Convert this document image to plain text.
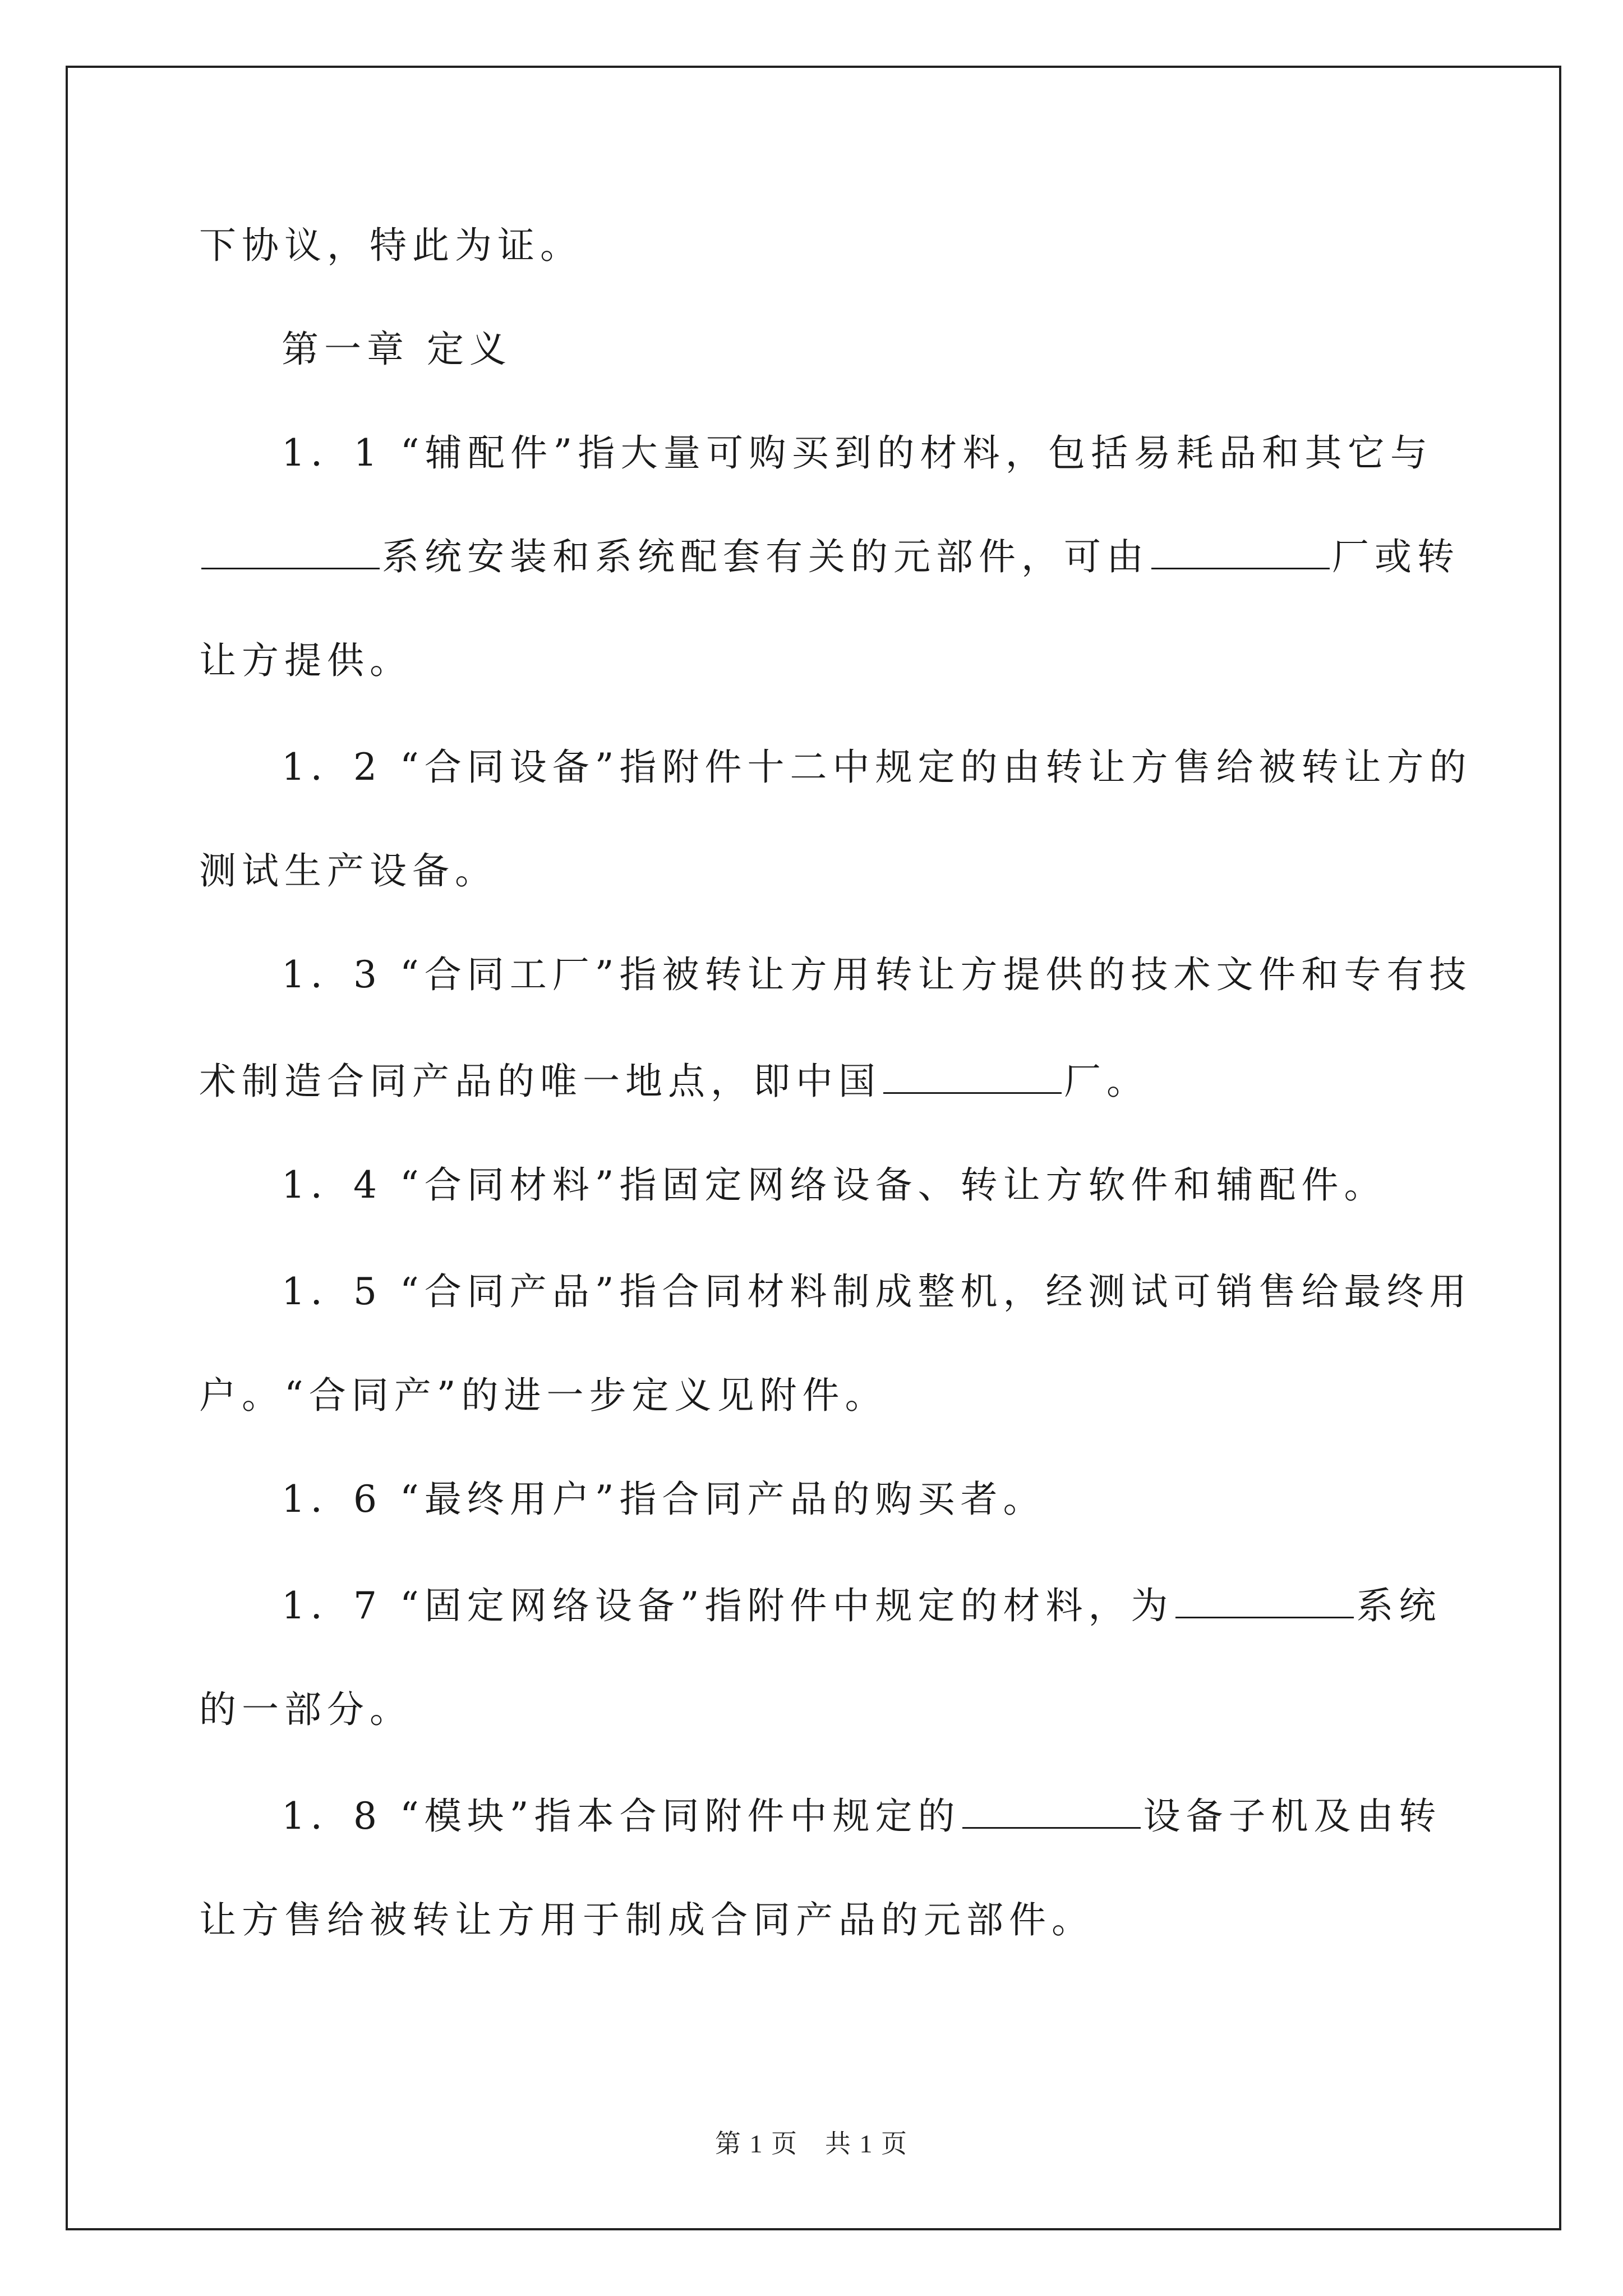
下协议，特此为证。
第一章 定义
1．1 “辅配件”指大量可购买到的材料，包括易耗品和其它与
系统安装和系统配套有关的元部件，可由	厂或转
让方提供。
1．2 “合同设备”指附件十二中规定的由转让方售给被转让方的
测试生产设备。
1．3 “合同工厂”指被转让方用转让方提供的技术文件和专有技
术制造合同产品的唯一地点，即中国	厂。
1．4 “合同材料”指固定网络设备、转让方软件和辅配件。
1．5 “合同产品”指合同材料制成整机，经测试可销售给最终用
户。“合同产”的进一步定义见附件。
1．6 “最终用户”指合同产品的购买者。
1．7 “固定网络设备”指附件中规定的材料，为	系统
的一部分。
1．8 “模块”指本合同附件中规定的	设备子机及由转
让方售给被转让方用于制成合同产品的元部件。
第 1 页 共 1 页
